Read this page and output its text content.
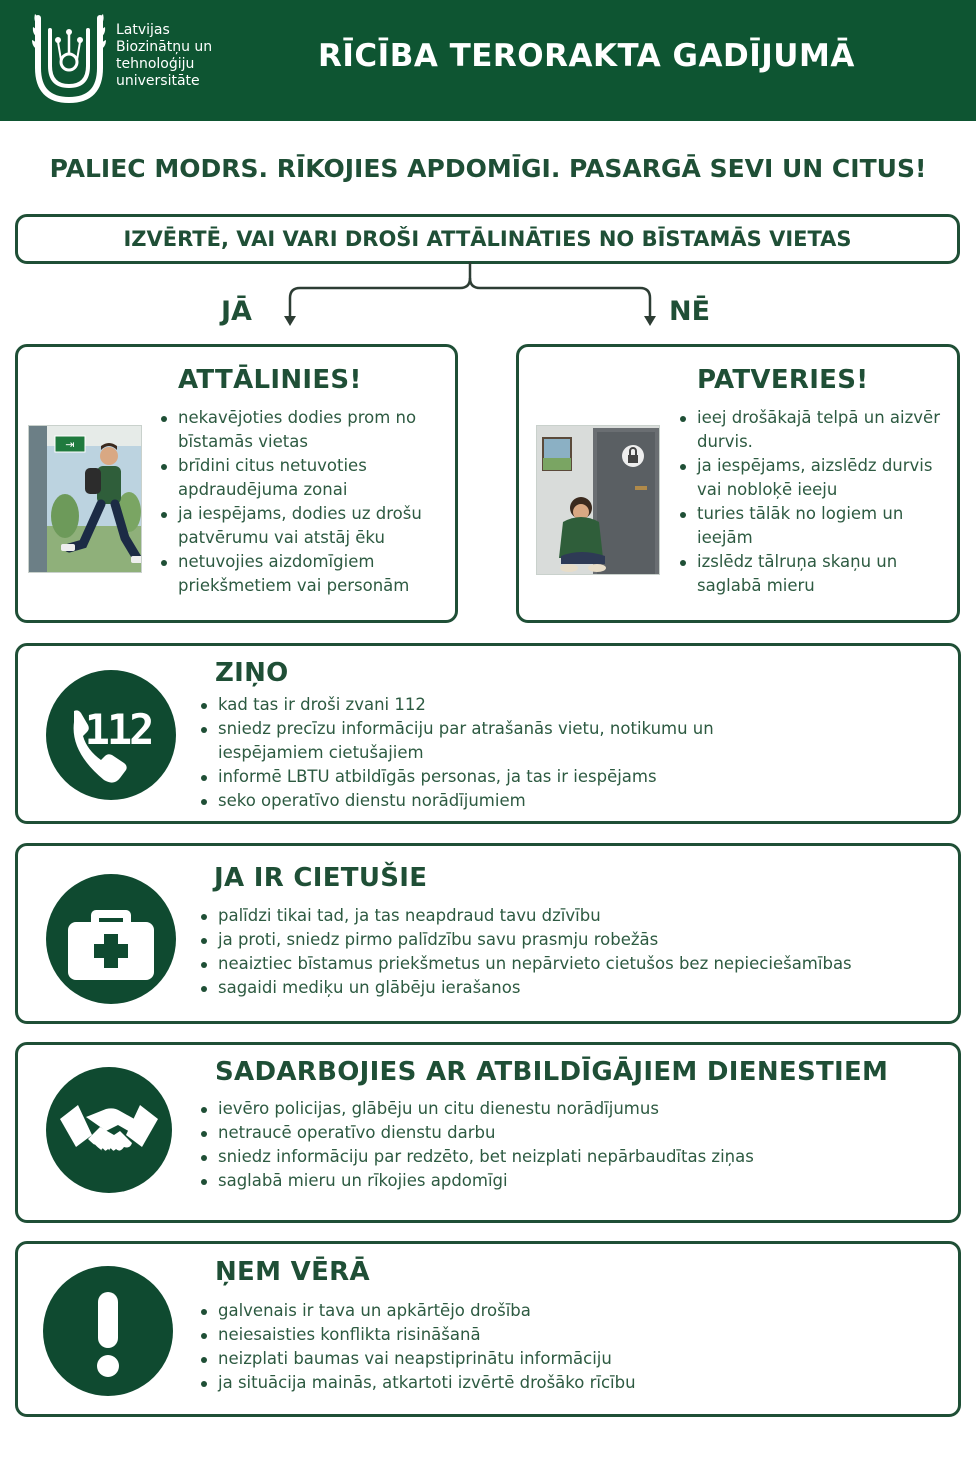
Latvijas
Biozinātņu un
tehnoloģiju
universitāte
RĪCĪBA TERORAKTA GADĪJUMĀ
PALIEC MODRS. RĪKOJIES APDOMĪGI. PASARGĀ SEVI UN CITUS!
IZVĒRTĒ, VAI VARI DROŠI ATTĀLINĀTIES NO BĪSTAMĀS VIETAS
JĀ	NĒ
ATTĀLINIES!
⇥
nekavējoties dodies prom no bīstamās vietas
brīdini citus netuvoties apdraudējuma zonai
ja iespējams, dodies uz drošu patvērumu vai atstāj ēku
netuvojies aizdomīgiem priekšmetiem vai personām
PATVERIES!
ieej drošākajā telpā un aizvēr durvis.
ja iespējams, aizslēdz durvis vai nobloķē ieeju
turies tālāk no logiem un ieejām
izslēdz tālruņa skaņu un saglabā mieru
112
ZIŅO
kad tas ir droši zvani 112
sniedz precīzu informāciju par atrašanās vietu, notikumu un iespējamiem cietušajiem
informē LBTU atbildīgās personas, ja tas ir iespējams
seko operatīvo dienstu norādījumiem
JA IR CIETUŠIE
palīdzi tikai tad, ja tas neapdraud tavu dzīvību
ja proti, sniedz pirmo palīdzību savu prasmju robežās
neaiztiec bīstamus priekšmetus un nepārvieto cietušos bez nepieciešamības
sagaidi mediķu un glābēju ierašanos
SADARBOJIES AR ATBILDĪGĀJIEM DIENESTIEM
ievēro policijas, glābēju un citu dienestu norādījumus
netraucē operatīvo dienstu darbu
sniedz informāciju par redzēto, bet neizplati nepārbaudītas ziņas
saglabā mieru un rīkojies apdomīgi
ŅEM VĒRĀ
galvenais ir tava un apkārtējo drošība
neiesaisties konflikta risināšanā
neizplati baumas vai neapstiprinātu informāciju
ja situācija mainās, atkartoti izvērtē drošāko rīcību
